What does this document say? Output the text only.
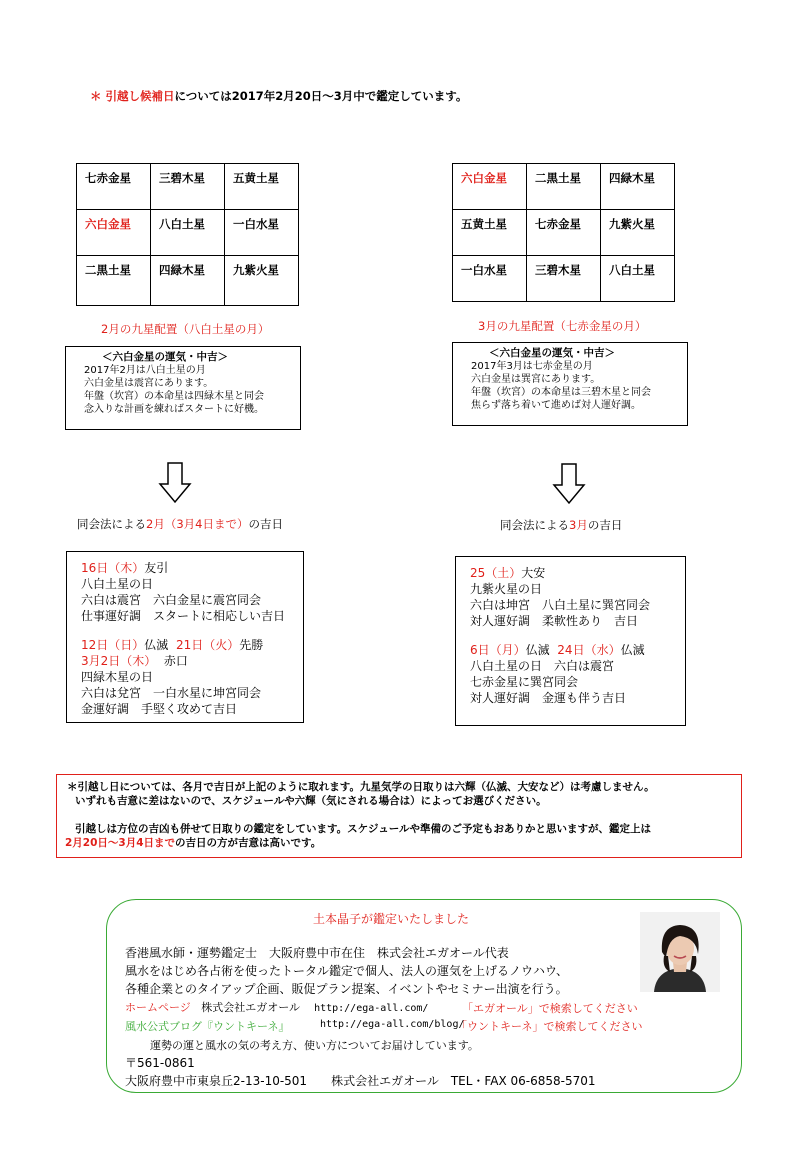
＊ 引越し候補日については2017年2月20日～3月中で鑑定しています。
七赤金星	三碧木星	五黄土星
六白金星	八白土星	一白水星
二黒土星	四緑木星	九紫火星
2月の九星配置（八白土星の月）
六白金星	二黒土星	四緑木星
五黄土星	七赤金星	九紫火星
一白水星	三碧木星	八白土星
3月の九星配置（七赤金星の月）
＜六白金星の運気・中吉＞
2017年2月は八白土星の月
六白金星は震宮にあります。
年盤（坎宮）の本命星は四緑木星と同会
念入りな計画を練ればスタートに好機。
＜六白金星の運気・中吉＞
2017年3月は七赤金星の月
六白金星は巽宮にあります。
年盤（坎宮）の本命星は三碧木星と同会
焦らず落ち着いて進めば対人運好調。
同会法による2月（3月4日まで）の吉日	同会法による3月の吉日
16日（木）友引
八白土星の日
六白は震宮　六白金星に震宮同会
仕事運好調　スタートに相応しい吉日
12日（日）仏滅 21日（火）先勝
3月2日（木） 赤口
四緑木星の日
六白は兌宮　一白水星に坤宮同会
金運好調　手堅く攻めて吉日
25（土）大安
九紫火星の日
六白は坤宮　八白土星に巽宮同会
対人運好調　柔軟性あり　吉日
6日（月）仏滅 24日（水）仏滅
八白土星の日　六白は震宮
七赤金星に巽宮同会
対人運好調　金運も伴う吉日
＊引越し日については、各月で吉日が上記のように取れます。九星気学の日取りは六輝（仏滅、大安など）は考慮しません。
いずれも吉意に差はないので、スケジュールや六輝（気にされる場合は）によってお選びください。
引越しは方位の吉凶も併せて日取りの鑑定をしています。スケジュールや準備のご予定もおありかと思いますが、鑑定上は
2月20日～3月4日までの吉日の方が吉意は高いです。
土本晶子が鑑定いたしました
香港風水師・運勢鑑定士　大阪府豊中市在住　株式会社エガオール代表
風水をはじめ各占術を使ったトータル鑑定で個人、法人の運気を上げるノウハウ、
各種企業とのタイアップ企画、販促プラン提案、イベントやセミナー出演を行う。
ホームページ 株式会社エガオール http://ega-all.com/	「エガオール」で検索してください
風水公式ブログ『ウントキーネ』	http://ega-all.com/blog/
「ウントキーネ」で検索してください
運勢の運と風水の気の考え方、使い方についてお届けしています。
〒561-0861
大阪府豊中市東泉丘2-13-10-501　　株式会社エガオール　TEL・FAX 06-6858-5701
